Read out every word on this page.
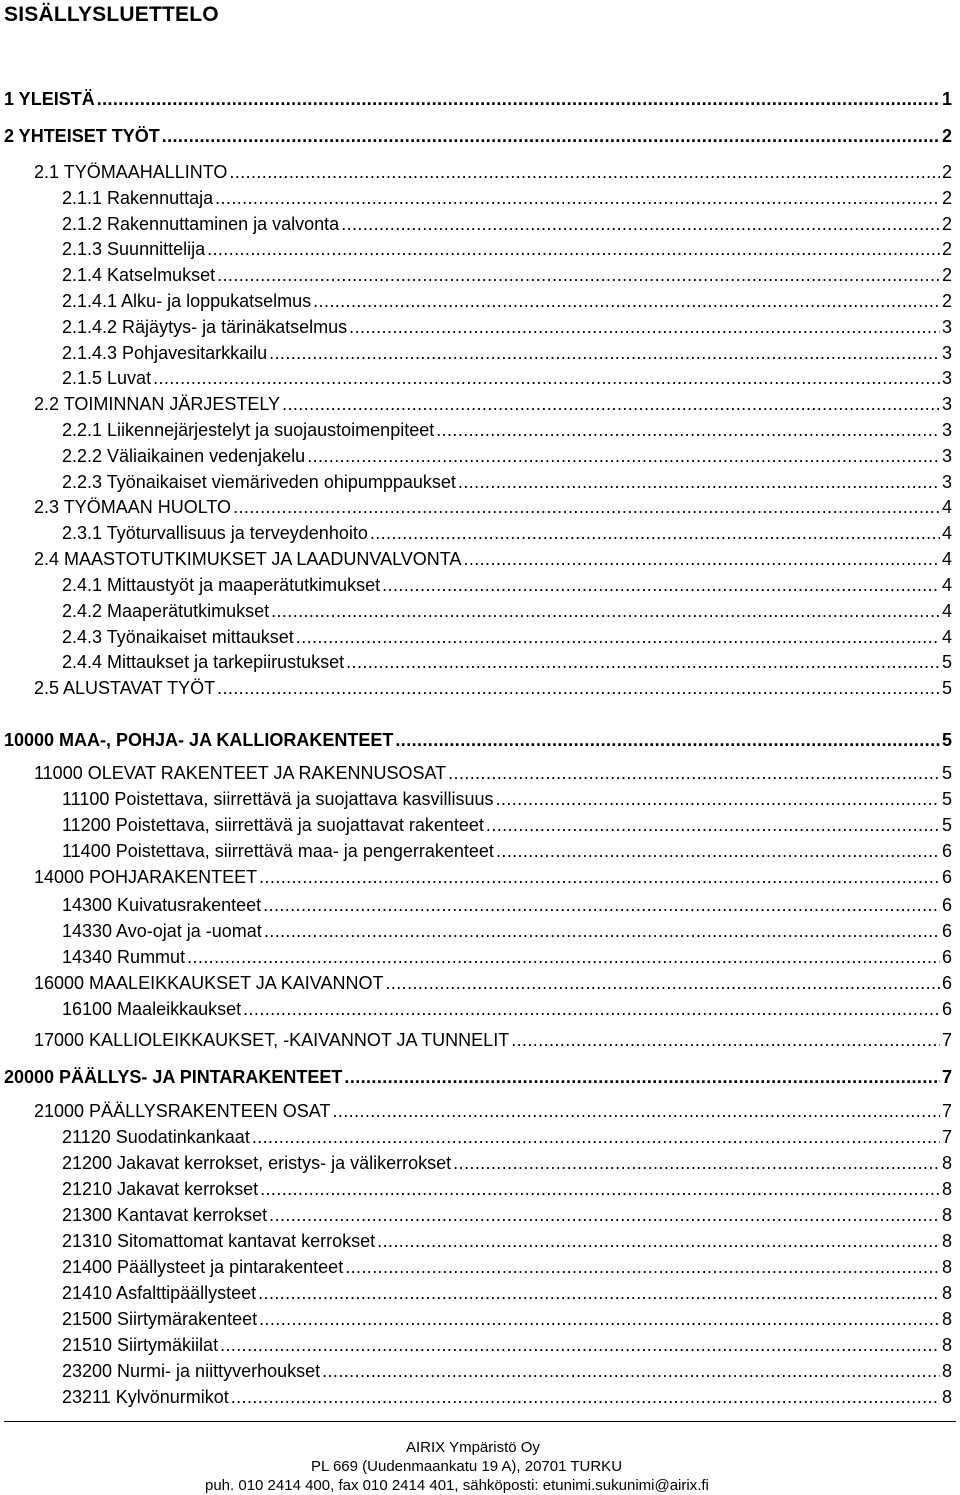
SISÄLLYSLUETTELO
1 YLEISTÄ .....	1
2 YHTEISET TYÖT .....	2
2.1 TYÖMAAHALLINTO .....	2
2.1.1 Rakennuttaja .....	2
2.1.2 Rakennuttaminen ja valvonta .....	2
2.1.3 Suunnittelija .....	2
2.1.4 Katselmukset .....	2
2.1.4.1 Alku- ja loppukatselmus .....	2
2.1.4.2 Räjäytys- ja tärinäkatselmus .....	3
2.1.4.3 Pohjavesitarkkailu .....	3
2.1.5 Luvat .....	3
2.2 TOIMINNAN JÄRJESTELY .....	3
2.2.1 Liikennejärjestelyt ja suojaustoimenpiteet .....	3
2.2.2 Väliaikainen vedenjakelu .....	3
2.2.3 Työnaikaiset viemäriveden ohipumppaukset .....	3
2.3 TYÖMAAN HUOLTO .....	4
2.3.1 Työturvallisuus ja terveydenhoito .....	4
2.4 MAASTOTUTKIMUKSET JA LAADUNVALVONTA .....	4
2.4.1 Mittaustyöt ja maaperätutkimukset .....	4
2.4.2 Maaperätutkimukset .....	4
2.4.3 Työnaikaiset mittaukset .....	4
2.4.4 Mittaukset ja tarkepiirustukset .....	5
2.5 ALUSTAVAT TYÖT .....	5
10000 MAA-, POHJA- JA KALLIORAKENTEET .....	5
11000 OLEVAT RAKENTEET JA RAKENNUSOSAT .....	5
11100 Poistettava, siirrettävä ja suojattava kasvillisuus .....	5
11200 Poistettava, siirrettävä ja suojattavat rakenteet .....	5
11400 Poistettava, siirrettävä maa- ja pengerrakenteet .....	6
14000 POHJARAKENTEET .....	6
14300 Kuivatusrakenteet .....	6
14330 Avo-ojat ja -uomat .....	6
14340 Rummut .....	6
16000 MAALEIKKAUKSET JA KAIVANNOT .....	6
16100 Maaleikkaukset .....	6
17000 KALLIOLEIKKAUKSET, -KAIVANNOT JA TUNNELIT .....	7
20000 PÄÄLLYS- JA PINTARAKENTEET .....	7
21000 PÄÄLLYSRAKENTEEN OSAT .....	7
21120 Suodatinkankaat .....	7
21200 Jakavat kerrokset, eristys- ja välikerrokset .....	8
21210 Jakavat kerrokset .....	8
21300 Kantavat kerrokset .....	8
21310 Sitomattomat kantavat kerrokset .....	8
21400 Päällysteet ja pintarakenteet .....	8
21410 Asfalttipäällysteet .....	8
21500 Siirtymärakenteet .....	8
21510 Siirtymäkiilat .....	8
23200 Nurmi- ja niittyverhoukset .....	8
23211 Kylvönurmikot .....	8
AIRIX Ympäristö Oy
PL 669 (Uudenmaankatu 19 A), 20701 TURKU
puh. 010 2414 400, fax 010 2414 401, sähköposti: etunimi.sukunimi@airix.fi
